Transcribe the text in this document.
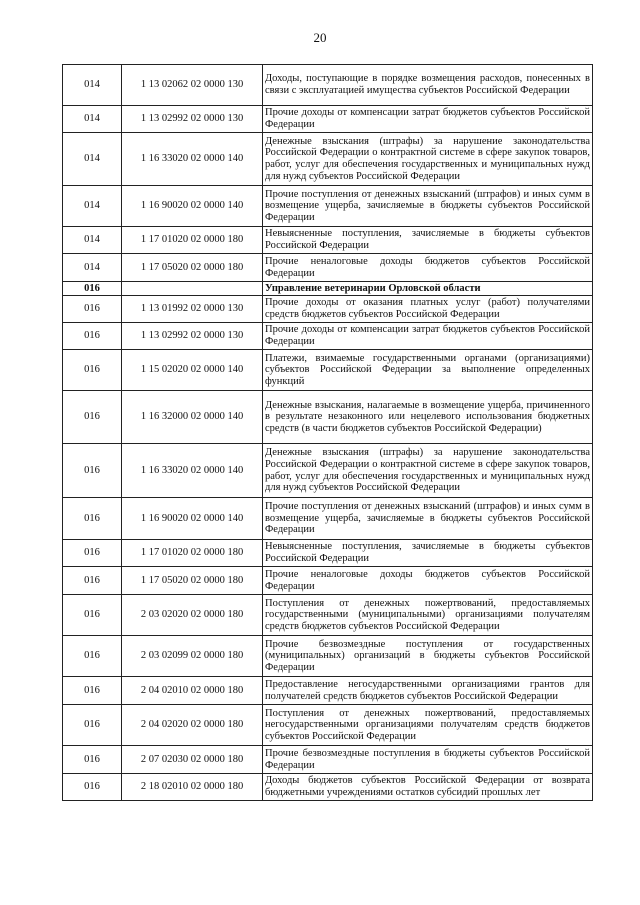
20
014	1 13 02062 02 0000 130	Доходы, поступающие в порядке возмещения расходов, понесенных в связи с эксплуатацией имущества субъектов Российской Федерации
014	1 13 02992 02 0000 130	Прочие доходы от компенсации затрат бюджетов субъектов Российской Федерации
014	1 16 33020 02 0000 140	Денежные взыскания (штрафы) за нарушение законодательства Российской Федерации о контрактной системе в сфере закупок товаров, работ, услуг для обеспечения государственных и муниципальных нужд для нужд субъектов Российской Федерации
014	1 16 90020 02 0000 140	Прочие поступления от денежных взысканий (штрафов) и иных сумм в возмещение ущерба, зачисляемые в бюджеты субъектов Российской Федерации
014	1 17 01020 02 0000 180	Невыясненные поступления, зачисляемые в бюджеты субъектов Российской Федерации
014	1 17 05020 02 0000 180	Прочие неналоговые доходы бюджетов субъектов Российской Федерации
016		Управление ветеринарии Орловской области
016	1 13 01992 02 0000 130	Прочие доходы от оказания платных услуг (работ) получателями средств бюджетов субъектов Российской Федерации
016	1 13 02992 02 0000 130	Прочие доходы от компенсации затрат бюджетов субъектов Российской Федерации
016	1 15 02020 02 0000 140	Платежи, взимаемые государственными органами (организациями) субъектов Российской Федерации за выполнение определенных функций
016	1 16 32000 02 0000 140	Денежные взыскания, налагаемые в возмещение ущерба, причиненного в результате незаконного или нецелевого использования бюджетных средств (в части бюджетов субъектов Российской Федерации)
016	1 16 33020 02 0000 140	Денежные взыскания (штрафы) за нарушение законодательства Российской Федерации о контрактной системе в сфере закупок товаров, работ, услуг для обеспечения государственных и муниципальных нужд для нужд субъектов Российской Федерации
016	1 16 90020 02 0000 140	Прочие поступления от денежных взысканий (штрафов) и иных сумм в возмещение ущерба, зачисляемые в бюджеты субъектов Российской Федерации
016	1 17 01020 02 0000 180	Невыясненные поступления, зачисляемые в бюджеты субъектов Российской Федерации
016	1 17 05020 02 0000 180	Прочие неналоговые доходы бюджетов субъектов Российской Федерации
016	2 03 02020 02 0000 180	Поступления от денежных пожертвований, предоставляемых государственными (муниципальными) организациями получателям средств бюджетов субъектов Российской Федерации
016	2 03 02099 02 0000 180	Прочие безвозмездные поступления от государственных (муниципальных) организаций в бюджеты субъектов Российской Федерации
016	2 04 02010 02 0000 180	Предоставление негосударственными организациями грантов для получателей средств бюджетов субъектов Российской Федерации
016	2 04 02020 02 0000 180	Поступления от денежных пожертвований, предоставляемых негосударственными организациями получателям средств бюджетов субъектов Российской Федерации
016	2 07 02030 02 0000 180	Прочие безвозмездные поступления в бюджеты субъектов Российской Федерации
016	2 18 02010 02 0000 180	Доходы бюджетов субъектов Российской Федерации от возврата бюджетными учреждениями остатков субсидий прошлых лет
